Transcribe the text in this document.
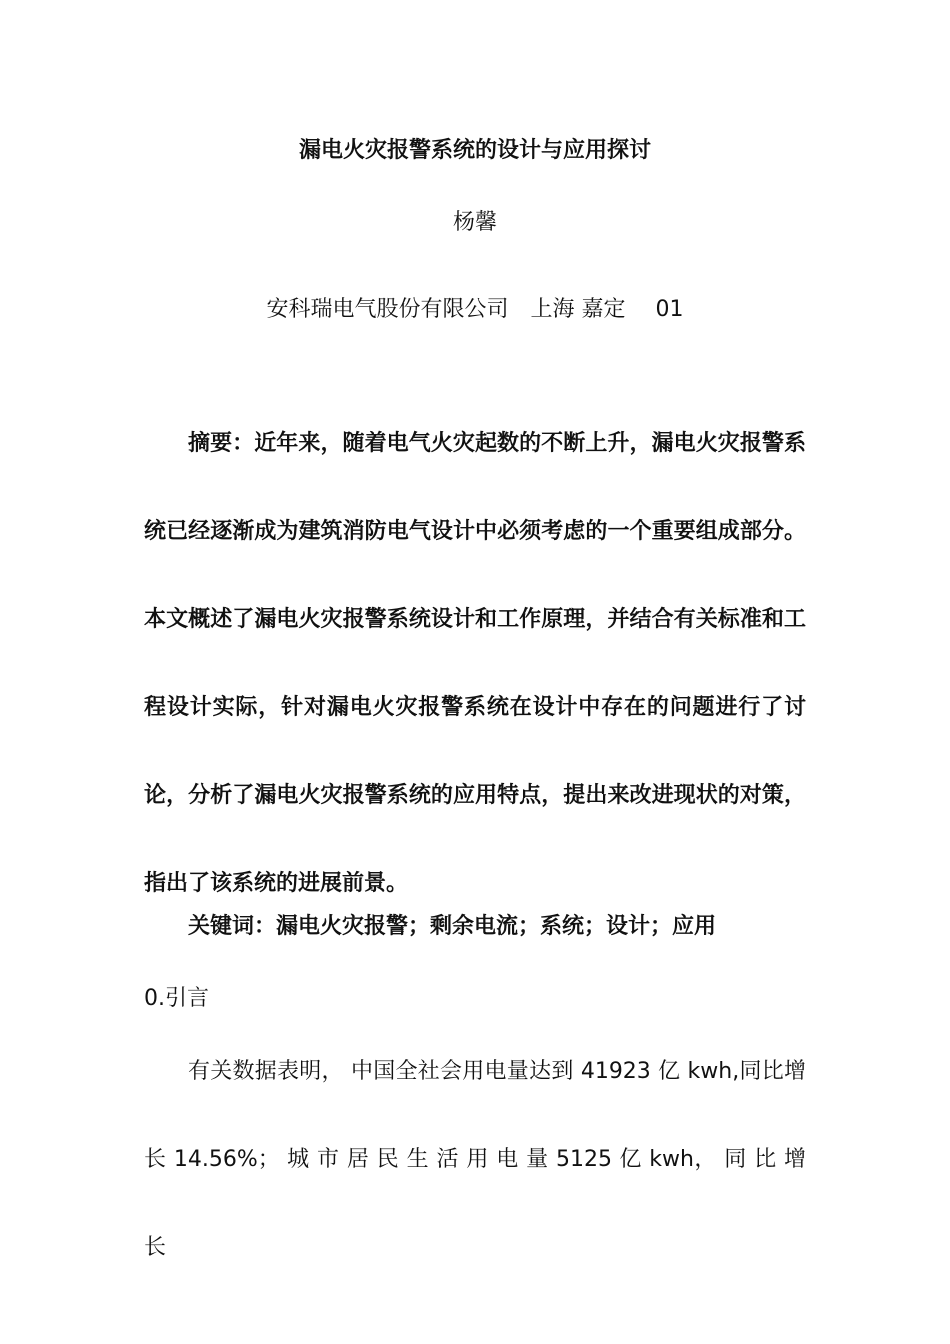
漏电火灾报警系统的设计与应用探讨
杨馨
安科瑞电气股份有限公司 上海 嘉定 01
摘要：近年来，随着电气火灾起数的不断上升，漏电火灾报警系统已经逐渐成为建筑消防电气设计中必须考虑的一个重要组成部分。本文概述了漏电火灾报警系统设计和工作原理，并结合有关标准和工程设计实际，针对漏电火灾报警系统在设计中存在的问题进行了讨论，分析了漏电火灾报警系统的应用特点，提出来改进现状的对策，指出了该系统的进展前景。
关键词：漏电火灾报警；剩余电流；系统；设计；应用
0.引言
有关数据表明， 中国全社会用电量达到 41923 亿 kwh,同比增长 14.56%； 城 市 居 民 生 活 用 电 量 5125 亿 kwh， 同 比 增 长
